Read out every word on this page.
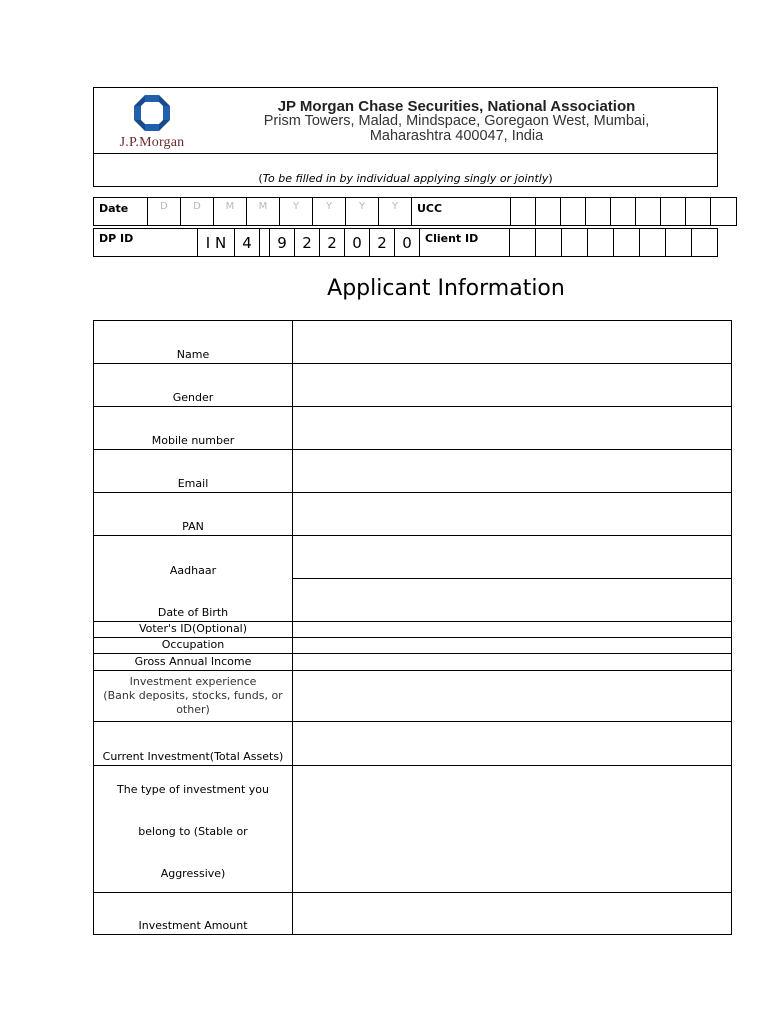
J.P.Morgan
JP Morgan Chase Securities, National Association
Prism Towers, Malad, Mindspace, Goregaon West, Mumbai,
Maharashtra 400047, India
(To be filled in by individual applying singly or jointly)
Date	D	D	M	M	Y	Y	Y	Y	UCC									
DP ID	I N	4		9	2	2	0	2	0	Client ID								
Applicant Information
Name	
Gender	
Mobile number	
Email	
PAN	
Aadhaar	
Date of Birth	
Voter's ID(Optional)	
Occupation	
Gross Annual Income	

Investment experience
(Bank deposits, stocks, funds, or
other)	

Current Investment(Total Assets)	

The type of investment you
belong to (Stable or
Aggressive)	

Investment Amount	
